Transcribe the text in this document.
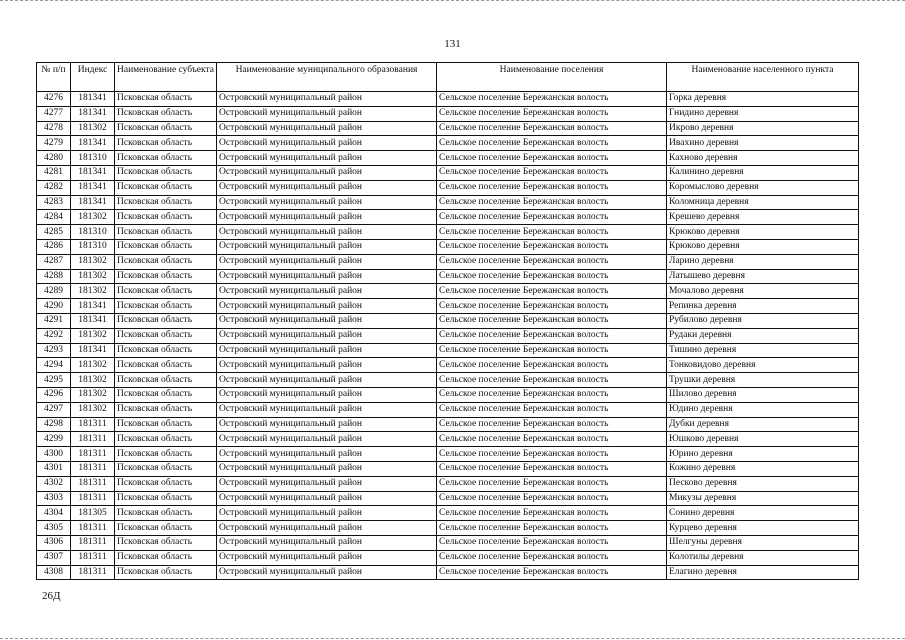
131
№ п/п	Индекс	Наименование субъекта	Наименование муниципального образования	Наименование поселения	Наименование населенного пункта
4276	181341	Псковская область	Островский муниципальный район	Сельское поселение Бережанская волость	Горка деревня
4277	181341	Псковская область	Островский муниципальный район	Сельское поселение Бережанская волость	Гнидино деревня
4278	181302	Псковская область	Островский муниципальный район	Сельское поселение Бережанская волость	Икрово деревня
4279	181341	Псковская область	Островский муниципальный район	Сельское поселение Бережанская волость	Ивахино деревня
4280	181310	Псковская область	Островский муниципальный район	Сельское поселение Бережанская волость	Кахново деревня
4281	181341	Псковская область	Островский муниципальный район	Сельское поселение Бережанская волость	Калинино деревня
4282	181341	Псковская область	Островский муниципальный район	Сельское поселение Бережанская волость	Коромыслово деревня
4283	181341	Псковская область	Островский муниципальный район	Сельское поселение Бережанская волость	Коломница деревня
4284	181302	Псковская область	Островский муниципальный район	Сельское поселение Бережанская волость	Крешево деревня
4285	181310	Псковская область	Островский муниципальный район	Сельское поселение Бережанская волость	Крюково деревня
4286	181310	Псковская область	Островский муниципальный район	Сельское поселение Бережанская волость	Крюково деревня
4287	181302	Псковская область	Островский муниципальный район	Сельское поселение Бережанская волость	Ларино деревня
4288	181302	Псковская область	Островский муниципальный район	Сельское поселение Бережанская волость	Латышево деревня
4289	181302	Псковская область	Островский муниципальный район	Сельское поселение Бережанская волость	Мочалово деревня
4290	181341	Псковская область	Островский муниципальный район	Сельское поселение Бережанская волость	Репинка деревня
4291	181341	Псковская область	Островский муниципальный район	Сельское поселение Бережанская волость	Рубилово деревня
4292	181302	Псковская область	Островский муниципальный район	Сельское поселение Бережанская волость	Рудаки деревня
4293	181341	Псковская область	Островский муниципальный район	Сельское поселение Бережанская волость	Тишино деревня
4294	181302	Псковская область	Островский муниципальный район	Сельское поселение Бережанская волость	Тонковидово деревня
4295	181302	Псковская область	Островский муниципальный район	Сельское поселение Бережанская волость	Трушки деревня
4296	181302	Псковская область	Островский муниципальный район	Сельское поселение Бережанская волость	Шилово деревня
4297	181302	Псковская область	Островский муниципальный район	Сельское поселение Бережанская волость	Юдино деревня
4298	181311	Псковская область	Островский муниципальный район	Сельское поселение Бережанская волость	Дубки деревня
4299	181311	Псковская область	Островский муниципальный район	Сельское поселение Бережанская волость	Юшково деревня
4300	181311	Псковская область	Островский муниципальный район	Сельское поселение Бережанская волость	Юрино деревня
4301	181311	Псковская область	Островский муниципальный район	Сельское поселение Бережанская волость	Кожино деревня
4302	181311	Псковская область	Островский муниципальный район	Сельское поселение Бережанская волость	Песково деревня
4303	181311	Псковская область	Островский муниципальный район	Сельское поселение Бережанская волость	Микузы деревня
4304	181305	Псковская область	Островский муниципальный район	Сельское поселение Бережанская волость	Сонино деревня
4305	181311	Псковская область	Островский муниципальный район	Сельское поселение Бережанская волость	Курцево деревня
4306	181311	Псковская область	Островский муниципальный район	Сельское поселение Бережанская волость	Шелгуны деревня
4307	181311	Псковская область	Островский муниципальный район	Сельское поселение Бережанская волость	Колотилы деревня
4308	181311	Псковская область	Островский муниципальный район	Сельское поселение Бережанская волость	Елагино деревня
26Д
